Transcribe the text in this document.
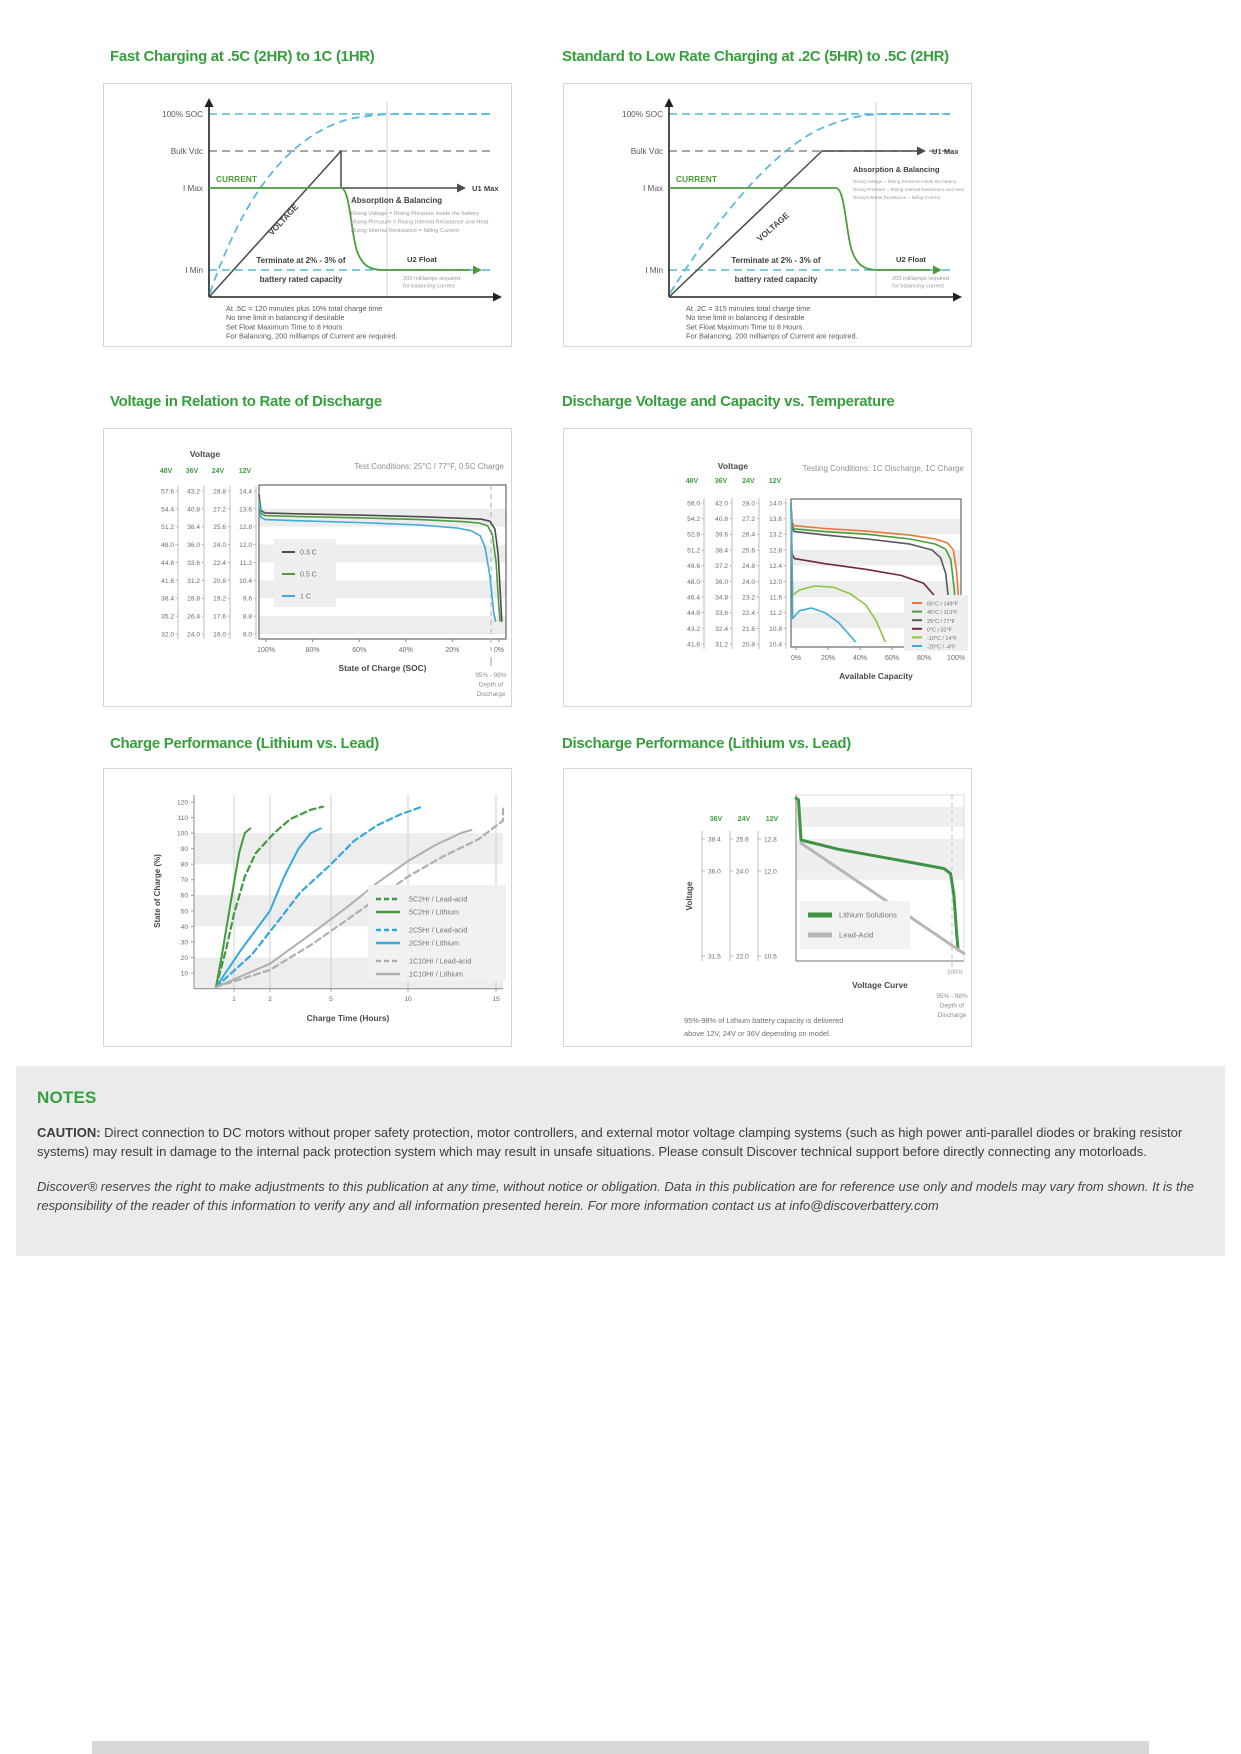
Fast Charging at .5C (2HR) to 1C (1HR)	Standard to Low Rate Charging at .2C (5HR) to .5C (2HR)
Voltage in Relation to Rate of Discharge	Discharge Voltage and Capacity vs. Temperature
Charge Performance (Lithium vs. Lead)	Discharge Performance (Lithium vs. Lead)
100% SOC
Bulk Vdc
I Max
I Min
U1 Max
CURRENT
VOLTAGE
Absorption & Balancing
Rising Voltage = Rising Pressure inside the battery
Rising Pressure = Rising Internal Resistance and Heat
Rising Internal Resistance = falling Current
Terminate at 2% - 3% of
battery rated capacity
U2 Float
200 milliamps required
for balancing current
At .5C = 120 minutes plus 10% total charge time
No time limit in balancing if desirable
Set Float Maximum Time to 8 Hours
For Balancing, 200 milliamps of Current are required.
100% SOC
Bulk Vdc
I Max
I Min
U1 Max
CURRENT
VOLTAGE
Absorption & Balancing
Rising Voltage = Rising Pressure inside the battery
Rising Pressure = Rising Internal Resistance and Heat
Rising Internal Resistance = falling Current
Terminate at 2% - 3% of
battery rated capacity
U2 Float
200 milliamps required
for balancing current
At .2C = 315 minutes total charge time
No time limit in balancing if desirable
Set Float Maximum Time to 8 Hours
For Balancing, 200 milliamps of Current are required.
Voltage
Test Conditions: 25°C / 77°F, 0.5C Charge
48V 36V 24V 12V
57.6 43.2 28.8 14.4
54.4 40.8 27.2 13.6
51.2 38.4 25.6 12.8
48.0 36.0 24.0 12.0
44.8 33.6 22.4 11.2
41.6 31.2 20.8 10.4
38.4 28.8 19.2	9.6
35.2 26.4 17.6	8.8
32.0 24.0 16.0	8.0
100%	80%	60%	40%	20%	0%
State of Charge (SOC)
0.3 C
0.5 C
1 C
95% - 98%
Depth of
Discharge
Voltage	Testing Conditions: 1C Discharge, 1C Charge
48V 36V 24V 12V
56.0 42.0 28.0 14.0
54.2 40.8 27.2 13.6
52.8 39.6 26.4 13.2
51.2 38.4 25.6 12.8
49.6 37.2 24.8 12.4
48.0 36.0 24.0 12.0
46.4 34.8 23.2 11.6
44.8 33.6 22.4 11.2
43.2 32.4 21.6 10.8
41.6 31.2 20.8 10.4
0%	20%	40%	60%	80% 100%
Available Capacity
65°C / 149°F
45°C / 113°F
25°C / 77°F
0°C / 32°F
-10°C / 14°F
-20°C / -4°F
120
110
100
90
80
70
60
50
40
30
20
10
State of Charge (%)
1	2	5	10	15
Charge Time (Hours)
.5C2Hr / Lead-acid
.5C2Hr / Lithium
.2C5Hr / Lead-acid
.2C5Hr / Lithium
.1C10Hr / Lead-acid
.1C10Hr / Lithium
Voltage
36V 24V 12V
38.4 25.6 12.8
36.0 24.0 12.0
31.5 22.0 10.5
Lithium Solutions
Lead-Acid
100%
Voltage Curve
95% - 98%
Depth of
Discharge
95%-98% of Lithium battery capacity is delivered
above 12V, 24V or 36V depending on model.
NOTES

CAUTION: Direct connection to DC motors without proper safety protection, motor controllers, and external motor voltage clamping systems (such as high power anti-parallel diodes or braking resistor systems) may result in damage to the internal pack protection system which may result in unsafe situations. Please consult Discover technical support before directly connecting any motorloads.

Discover® reserves the right to make adjustments to this publication at any time, without notice or obligation. Data in this publication are for reference use only and models may vary from shown. It is the responsibility of the reader of this information to verify any and all information presented herein. For more information contact us at info@discoverbattery.com
